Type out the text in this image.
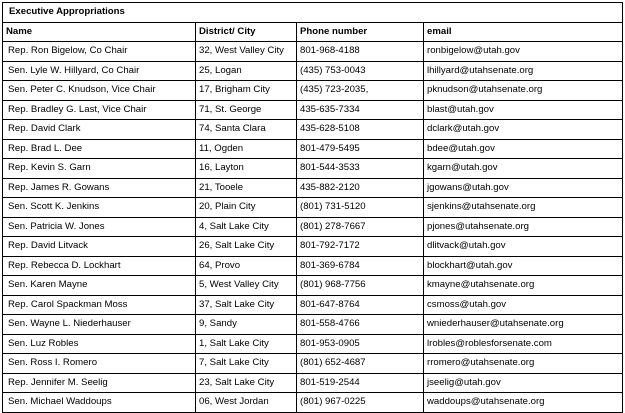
Executive Appropriations			
Name	District/ City	Phone number	email
Rep. Ron Bigelow, Co Chair	32, West Valley City	801-968-4188	ronbigelow@utah.gov
Sen. Lyle W. Hillyard, Co Chair	25, Logan	(435) 753-0043	lhillyard@utahsenate.org
Sen. Peter C. Knudson, Vice Chair	17, Brigham City	(435) 723-2035,	pknudson@utahsenate.org
Rep. Bradley G. Last, Vice Chair	71, St. George	435-635-7334	blast@utah.gov
Rep. David Clark	74, Santa Clara	435-628-5108	dclark@utah.gov
Rep. Brad L. Dee	11, Ogden	801-479-5495	bdee@utah.gov
Rep. Kevin S. Garn	16, Layton	801-544-3533	kgarn@utah.gov
Rep. James R. Gowans	21, Tooele	435-882-2120	jgowans@utah.gov
Sen. Scott K. Jenkins	20, Plain City	(801) 731-5120	sjenkins@utahsenate.org
Sen. Patricia W. Jones	4, Salt Lake City	(801) 278-7667	pjones@utahsenate.org
Rep. David Litvack	26, Salt Lake City	801-792-7172	dlitvack@utah.gov
Rep. Rebecca D. Lockhart	64, Provo	801-369-6784	blockhart@utah.gov
Sen. Karen Mayne	5, West Valley City	(801) 968-7756	kmayne@utahsenate.org
Rep. Carol Spackman Moss	37, Salt Lake City	801-647-8764	csmoss@utah.gov
Sen. Wayne L. Niederhauser	9, Sandy	801-558-4766	wniederhauser@utahsenate.org
Sen. Luz Robles	1, Salt Lake City	801-953-0905	lrobles@roblesforsenate.com
Sen. Ross I. Romero	7, Salt Lake City	(801) 652-4687	rromero@utahsenate.org
Rep. Jennifer M. Seelig	23, Salt Lake City	801-519-2544	jseelig@utah.gov
Sen. Michael Waddoups	06, West Jordan	(801) 967-0225	waddoups@utahsenate.org
